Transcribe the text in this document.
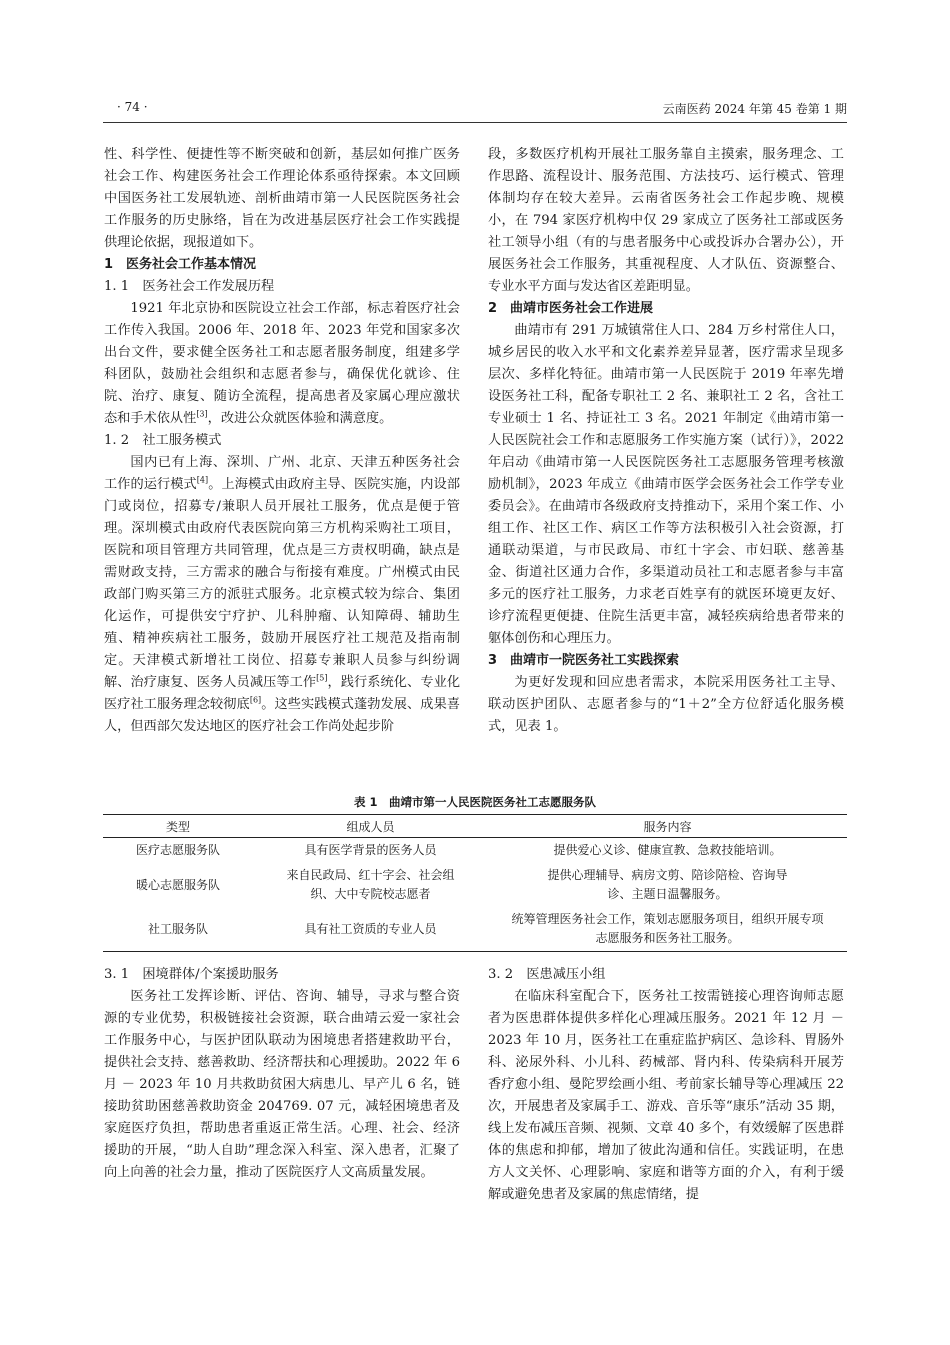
· 74 ·	云南医药 2024 年第 45 卷第 1 期

性、科学性、便捷性等不断突破和创新，基层如何推广医务社会工作、构建医务社会工作理论体系亟待探索。本文回顾中国医务社工发展轨迹、剖析曲靖市第一人民医院医务社会工作服务的历史脉络，旨在为改进基层医疗社会工作实践提供理论依据，现报道如下。

1　医务社会工作基本情况
1. 1　医务社会工作发展历程

1921 年北京协和医院设立社会工作部，标志着医疗社会工作传入我国。2006 年、2018 年、2023 年党和国家多次出台文件，要求健全医务社工和志愿者服务制度，组建多学科团队，鼓励社会组织和志愿者参与，确保优化就诊、住院、治疗、康复、随访全流程，提高患者及家属心理应激状态和手术依从性[3]，改进公众就医体验和满意度。

1. 2　社工服务模式

国内已有上海、深圳、广州、北京、天津五种医务社会工作的运行模式[4]。上海模式由政府主导、医院实施，内设部门或岗位，招募专/兼职人员开展社工服务，优点是便于管理。深圳模式由政府代表医院向第三方机构采购社工项目，医院和项目管理方共同管理，优点是三方责权明确，缺点是需财政支持，三方需求的融合与衔接有难度。广州模式由民政部门购买第三方的派驻式服务。北京模式较为综合、集团化运作，可提供安宁疗护、儿科肿瘤、认知障碍、辅助生殖、精神疾病社工服务，鼓励开展医疗社工规范及指南制定。天津模式新增社工岗位、招募专兼职人员参与纠纷调解、治疗康复、医务人员减压等工作[5]，践行系统化、专业化医疗社工服务理念较彻底[6]。这些实践模式蓬勃发展、成果喜人，但西部欠发达地区的医疗社会工作尚处起步阶

段，多数医疗机构开展社工服务靠自主摸索，服务理念、工作思路、流程设计、服务范围、方法技巧、运行模式、管理体制均存在较大差异。云南省医务社会工作起步晚、规模小，在 794 家医疗机构中仅 29 家成立了医务社工部或医务社工领导小组（有的与患者服务中心或投诉办合署办公），开展医务社会工作服务，其重视程度、人才队伍、资源整合、专业水平方面与发达省区差距明显。

2　曲靖市医务社会工作进展

曲靖市有 291 万城镇常住人口、284 万乡村常住人口，城乡居民的收入水平和文化素养差异显著，医疗需求呈现多层次、多样化特征。曲靖市第一人民医院于 2019 年率先增设医务社工科，配备专职社工 2 名、兼职社工 2 名，含社工专业硕士 1 名、持证社工 3 名。2021 年制定《曲靖市第一人民医院社会工作和志愿服务工作实施方案（试行）》，2022 年启动《曲靖市第一人民医院医务社工志愿服务管理考核激励机制》，2023 年成立《曲靖市医学会医务社会工作学专业委员会》。在曲靖市各级政府支持推动下，采用个案工作、小组工作、社区工作、病区工作等方法积极引入社会资源，打通联动渠道，与市民政局、市红十字会、市妇联、慈善基金、街道社区通力合作，多渠道动员社工和志愿者参与丰富多元的医疗社工服务，力求老百姓享有的就医环境更友好、诊疗流程更便捷、住院生活更丰富，减轻疾病给患者带来的躯体创伤和心理压力。

3　曲靖市一院医务社工实践探索

为更好发现和回应患者需求，本院采用医务社工主导、联动医护团队、志愿者参与的“1＋2”全方位舒适化服务模式，见表 1。

表 1　曲靖市第一人民医院医务社工志愿服务队
类型	组成人员	服务内容
医疗志愿服务队	具有医学背景的医务人员	提供爱心义诊、健康宣教、急救技能培训。
暖心志愿服务队	来自民政局、红十字会、社会组织、大中专院校志愿者	提供心理辅导、病房文剪、陪诊陪检、咨询导诊、主题日温馨服务。
社工服务队	具有社工资质的专业人员	统筹管理医务社会工作，策划志愿服务项目，组织开展专项志愿服务和医务社工服务。
3. 1　困境群体/个案援助服务

医务社工发挥诊断、评估、咨询、辅导，寻求与整合资源的专业优势，积极链接社会资源，联合曲靖云爱一家社会工作服务中心，与医护团队联动为困境患者搭建救助平台，提供社会支持、慈善救助、经济帮扶和心理援助。2022 年 6 月 － 2023 年 10 月共救助贫困大病患儿、早产儿 6 名，链接助贫助困慈善救助资金 204769. 07 元，减轻困境患者及家庭医疗负担，帮助患者重返正常生活。心理、社会、经济援助的开展，“助人自助”理念深入科室、深入患者，汇聚了向上向善的社会力量，推动了医院医疗人文高质量发展。

3. 2　医患减压小组

在临床科室配合下，医务社工按需链接心理咨询师志愿者为医患群体提供多样化心理减压服务。2021 年 12 月 － 2023 年 10 月，医务社工在重症监护病区、急诊科、胃肠外科、泌尿外科、小儿科、药械部、肾内科、传染病科开展芳香疗愈小组、曼陀罗绘画小组、考前家长辅导等心理减压 22 次，开展患者及家属手工、游戏、音乐等“康乐”活动 35 期，线上发布减压音频、视频、文章 40 多个，有效缓解了医患群体的焦虑和抑郁，增加了彼此沟通和信任。实践证明，在患方人文关怀、心理影响、家庭和谐等方面的介入，有利于缓解或避免患者及家属的焦虑情绪，提
